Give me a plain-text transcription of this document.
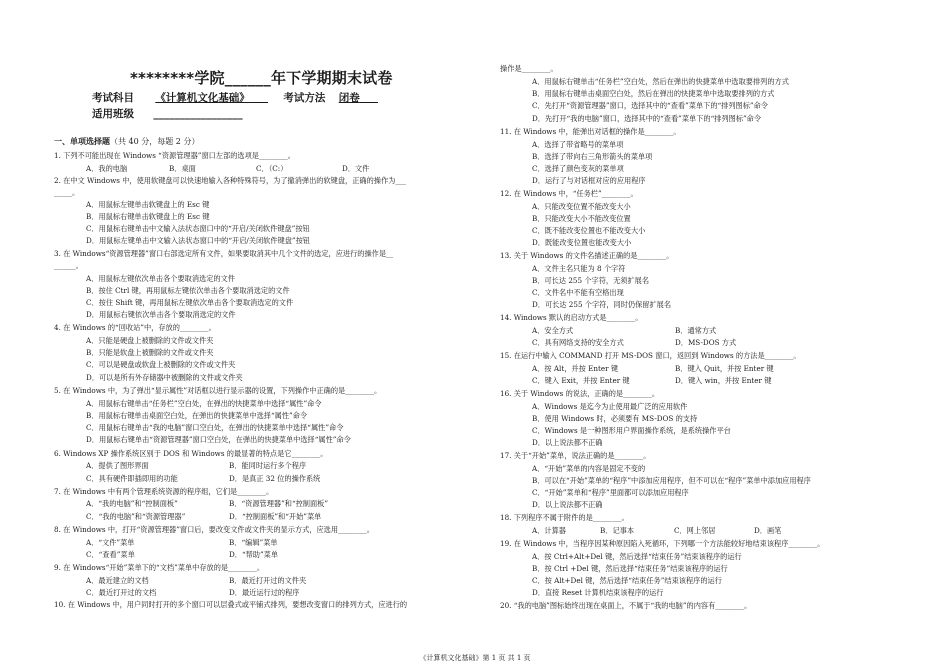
********学院______年下学期期末试卷
考试科目 《计算机文化基础》	考试方法 闭卷
适用班级 _________________
一、单项选择题（共 40 分，每题 2 分）
1. 下列不可能出现在 Windows “资源管理器”窗口左部的选项是________。
A．我的电脑	B．桌面	C．（C:）	D．文件
2. 在中文 Windows 中，使用软键盘可以快速地输入各种特殊符号，为了撤消弹出的软键盘，正确的操作为___
_____。
A．用鼠标左键单击软键盘上的 Esc 键
B．用鼠标右键单击软键盘上的 Esc 键
C．用鼠标右键单击中文输入法状态窗口中的“开启/关闭软件键盘”按钮
D．用鼠标左键单击中文输入法状态窗口中的“开启/关闭软件键盘”按钮
3. 在 Windows“资源管理器”窗口右部选定所有文件，如果要取消其中几个文件的选定，应进行的操作是__
______。
A．用鼠标左键依次单击各个要取消选定的文件
B．按住 Ctrl 键，再用鼠标左键依次单击各个要取消选定的文件
C．按住 Shift 键，再用鼠标左键依次单击各个要取消选定的文件
D．用鼠标右键依次单击各个要取消选定的文件
4. 在 Windows 的“回收站”中，存放的________。
A．只能是硬盘上被删除的文件或文件夹
B．只能是软盘上被删除的文件或文件夹
C．可以是硬盘或软盘上被删除的文件或文件夹
D．可以是所有外存储器中被删除的文件或文件夹
5. 在 Windows 中，为了弹出“显示属性”对话框以进行显示器的设置，下列操作中正确的是________。
A．用鼠标右键单击“任务栏”空白处，在弹出的快捷菜单中选择“属性”命令
B．用鼠标右键单击桌面空白处，在弹出的快捷菜单中选择“属性”命令
C．用鼠标右键单击“我的电脑”窗口空白处，在弹出的快捷菜单中选择“属性”命令
D．用鼠标右键单击“资源管理器”窗口空白处，在弹出的快捷菜单中选择“属性”命令
6. Windows XP 操作系统区别于 DOS 和 Windows 的最显著的特点是它________。
A．提供了图形界面	B．能同时运行多个程序
C．具有硬件即插即用的功能	D．是真正 32 位的操作系统
7. 在 Windows 中有两个管理系统资源的程序组，它们是________。
A．“我的电脑”和“控制面板”	B．“资源管理器”和“控制面板”
C．“我的电脑”和“资源管理器”	D．“控制面板”和“开始”菜单
8. 在 Windows 中，打开“资源管理器”窗口后，要改变文件或文件夹的显示方式，应选用________。
A．“文件”菜单	B．“编辑”菜单
C．“查看”菜单	D．“帮助”菜单
9. 在 Windows“开始”菜单下的“文档”菜单中存放的是________。
A．最近建立的文档	B．最近打开过的文件夹
C．最近打开过的文档	D．最近运行过的程序
10. 在 Windows 中，用户同时打开的多个窗口可以层叠式或平铺式排列，要想改变窗口的排列方式，应进行的
操作是________。
A．用鼠标右键单击“任务栏”空白处，然后在弹出的快捷菜单中选取要排列的方式
B．用鼠标右键单击桌面空白处，然后在弹出的快捷菜单中选取要排列的方式
C．先打开“资源管理器”窗口，选择其中的“查看”菜单下的“排列图标”命令
D．先打开“我的电脑”窗口，选择其中的“查看”菜单下的“排列图标”命令
11. 在 Windows 中，能弹出对话框的操作是________。
A．选择了带省略号的菜单项
B．选择了带向右三角形箭头的菜单项
C．选择了颜色变灰的菜单项
D．运行了与对话框对应的应用程序
12. 在 Windows 中，“任务栏”________。
A．只能改变位置不能改变大小
B．只能改变大小不能改变位置
C．既不能改变位置也不能改变大小
D．既能改变位置也能改变大小
13. 关于 Windows 的文件名描述正确的是________。
A．文件主名只能为 8 个字符
B．可长达 255 个字符，无须扩展名
C．文件名中不能有空格出现
D．可长达 255 个字符，同时仍保留扩展名
14. Windows 默认的启动方式是________。
A．安全方式	B．通常方式
C．具有网络支持的安全方式	D．MS-DOS 方式
15. 在运行中输入 COMMAND 打开 MS-DOS 窗口，返回到 Windows 的方法是________。
A．按 Alt，并按 Enter 键	B．键入 Quit，并按 Enter 键
C．键入 Exit，并按 Enter 键	D．键入 win，并按 Enter 键
16. 关于 Windows 的说法，正确的是________。
A．Windows 是迄今为止使用最广泛的应用软件
B．使用 Windows 时，必须要有 MS-DOS 的支持
C．Windows 是一种图形用户界面操作系统，是系统操作平台
D．以上说法都不正确
17. 关于“开始”菜单，说法正确的是________。
A．“开始”菜单的内容是固定不变的
B．可以在“开始”菜单的“程序”中添加应用程序，但不可以在“程序”菜单中添加应用程序
C．“开始”菜单和“程序”里面都可以添加应用程序
D．以上说法都不正确
18. 下列程序不属于附件的是________。
A．计算器	B．记事本	C．网上邻居	D．画笔
19. 在 Windows 中，当程序因某种原因陷入死循环，下列哪一个方法能较好地结束该程序________。
A．按 Ctrl+Alt+Del 键，然后选择“结束任务”结束该程序的运行
B．按 Ctrl +Del 键，然后选择“结束任务”结束该程序的运行
C．按 Alt+Del 键，然后选择“结束任务”结束该程序的运行
D．直接 Reset 计算机结束该程序的运行
20. “我的电脑”图标始终出现在桌面上，不属于“我的电脑”的内容有________。
《计算机文化基础》第 1 页 共 1 页
